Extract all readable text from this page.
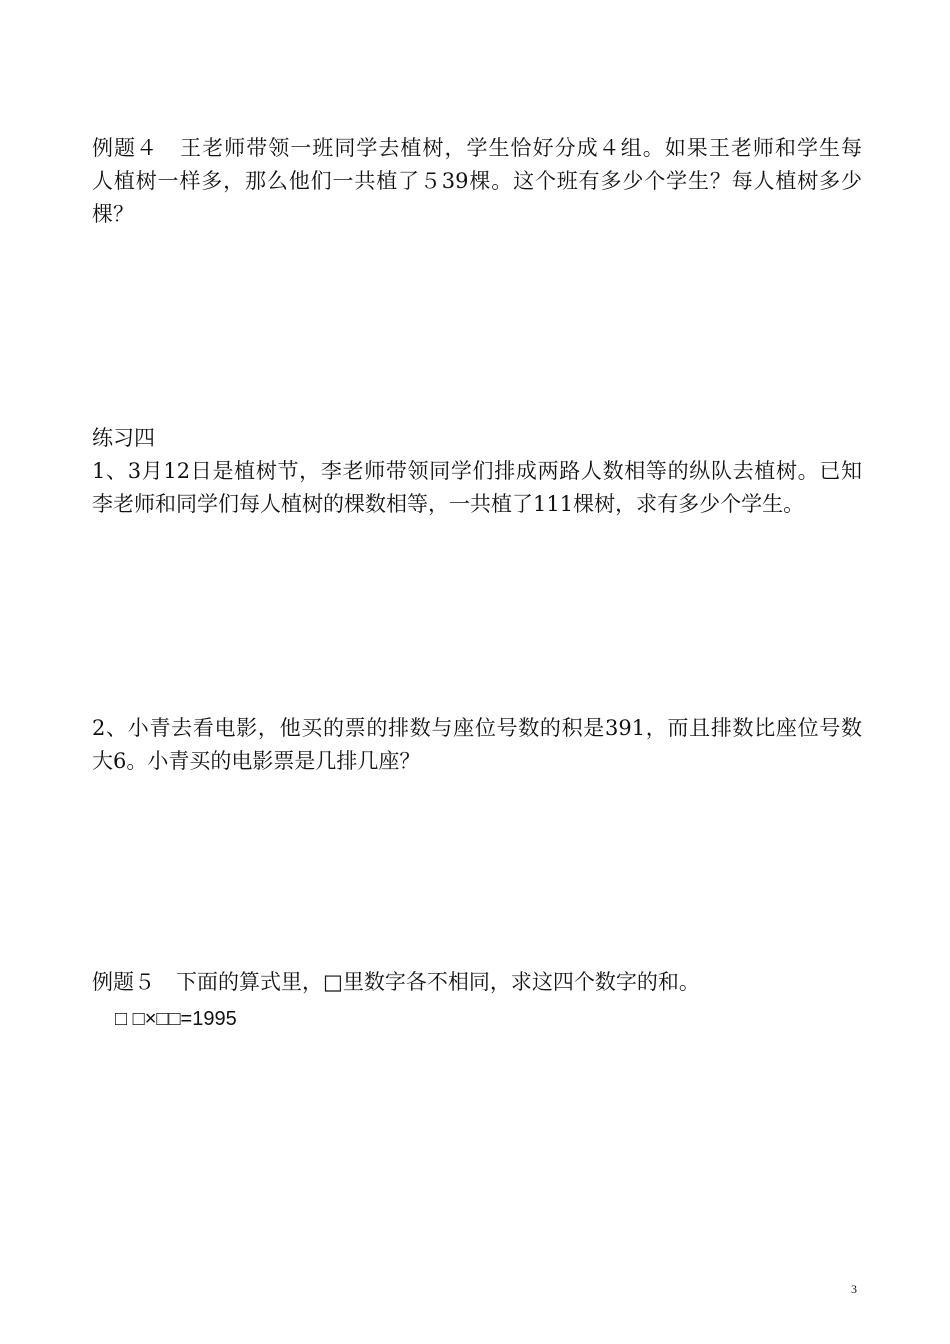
例题４　王老师带领一班同学去植树，学生恰好分成４组。如果王老师和学生每
人植树一样多，那么他们一共植了５39棵。这个班有多少个学生？每人植树多少
棵？
练习四
1、3月12日是植树节，李老师带领同学们排成两路人数相等的纵队去植树。已知
李老师和同学们每人植树的棵数相等，一共植了111棵树，求有多少个学生。
2、小青去看电影，他买的票的排数与座位号数的积是391，而且排数比座位号数
大6。小青买的电影票是几排几座？
例题５　下面的算式里，□里数字各不相同，求这四个数字的和。
□ □×□□=1995
3
